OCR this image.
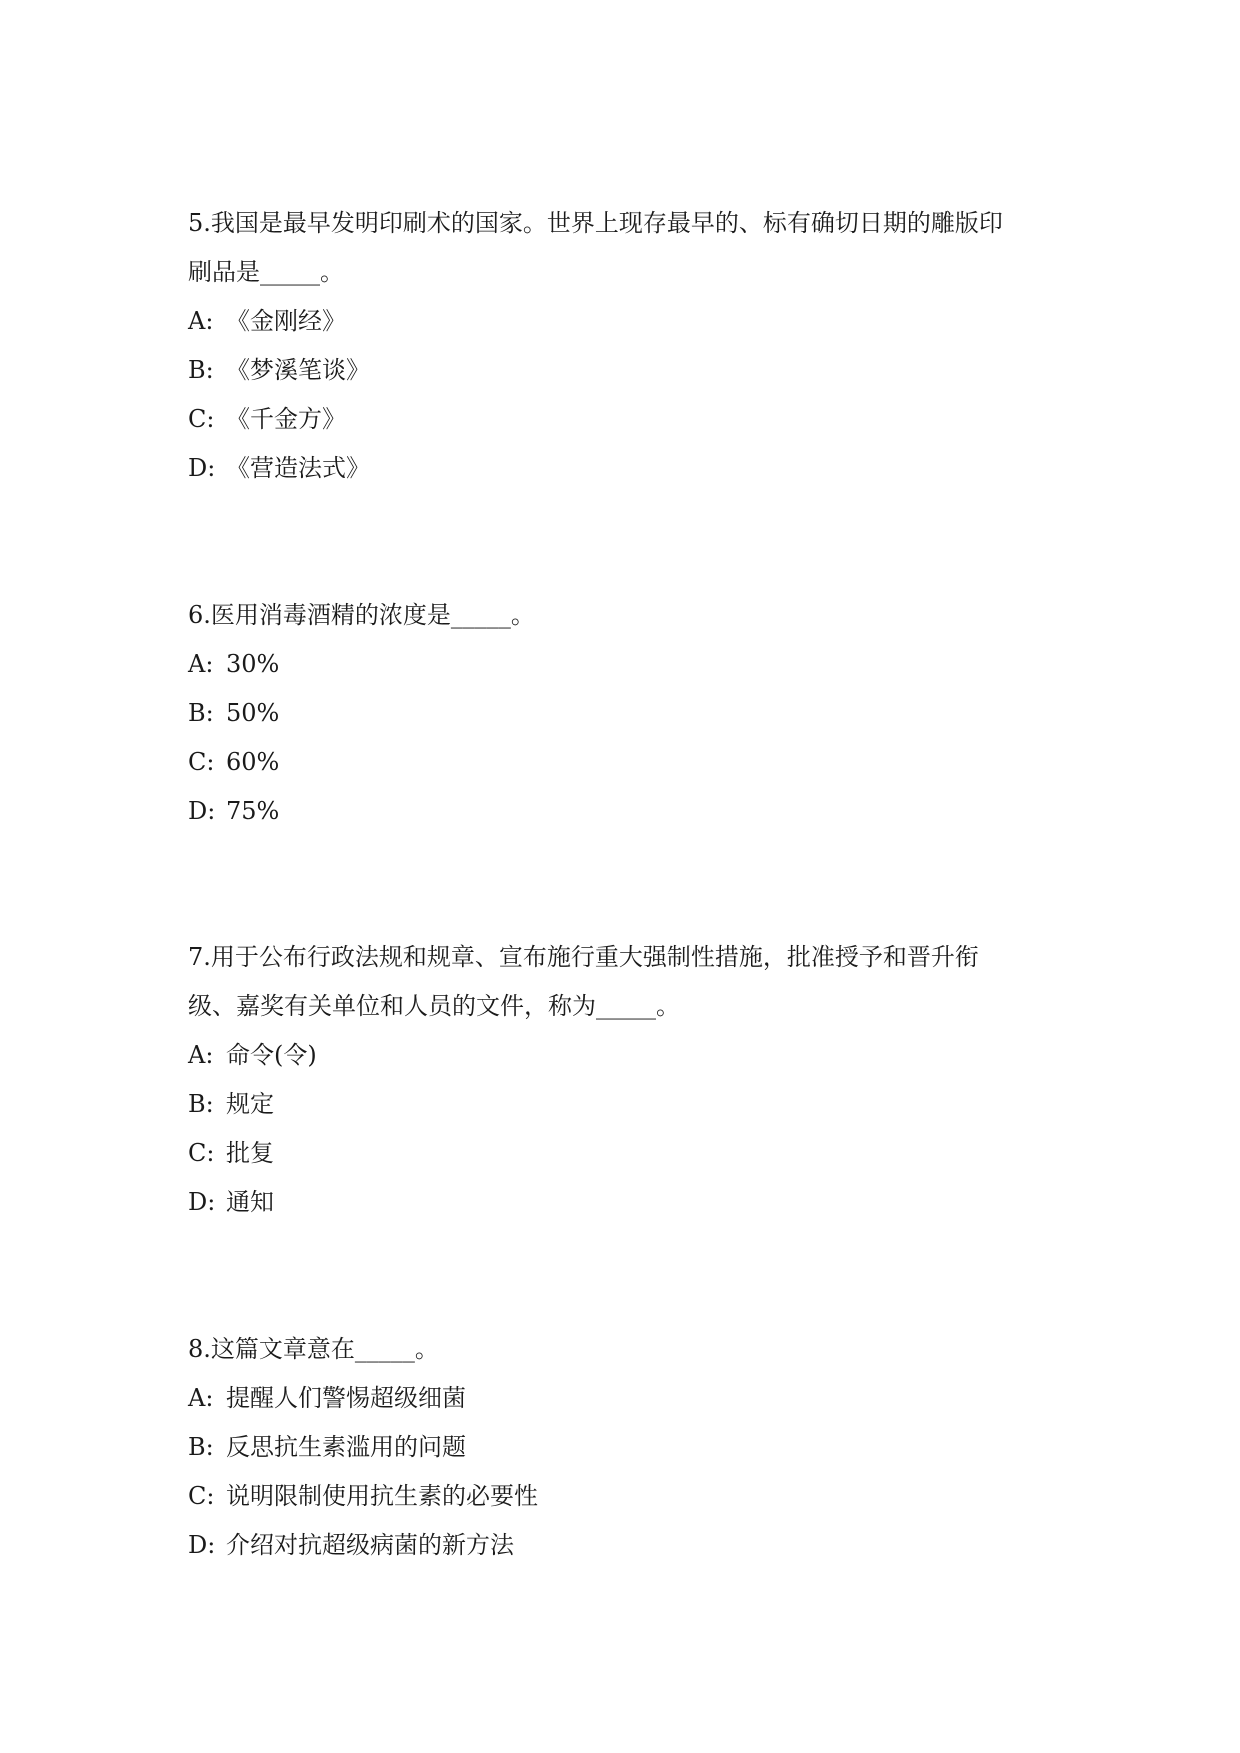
5.我国是最早发明印刷术的国家。世界上现存最早的、标有确切日期的雕版印
刷品是_____。

A: 《金刚经》
B: 《梦溪笔谈》
C: 《千金方》
D: 《营造法式》

6.医用消毒酒精的浓度是_____。

A: 30%
B: 50%
C: 60%
D: 75%

7.用于公布行政法规和规章、宣布施行重大强制性措施，批准授予和晋升衔
级、嘉奖有关单位和人员的文件，称为_____。

A: 命令(令)
B: 规定
C: 批复
D: 通知

8.这篇文章意在_____。

A: 提醒人们警惕超级细菌
B: 反思抗生素滥用的问题
C: 说明限制使用抗生素的必要性
D: 介绍对抗超级病菌的新方法
